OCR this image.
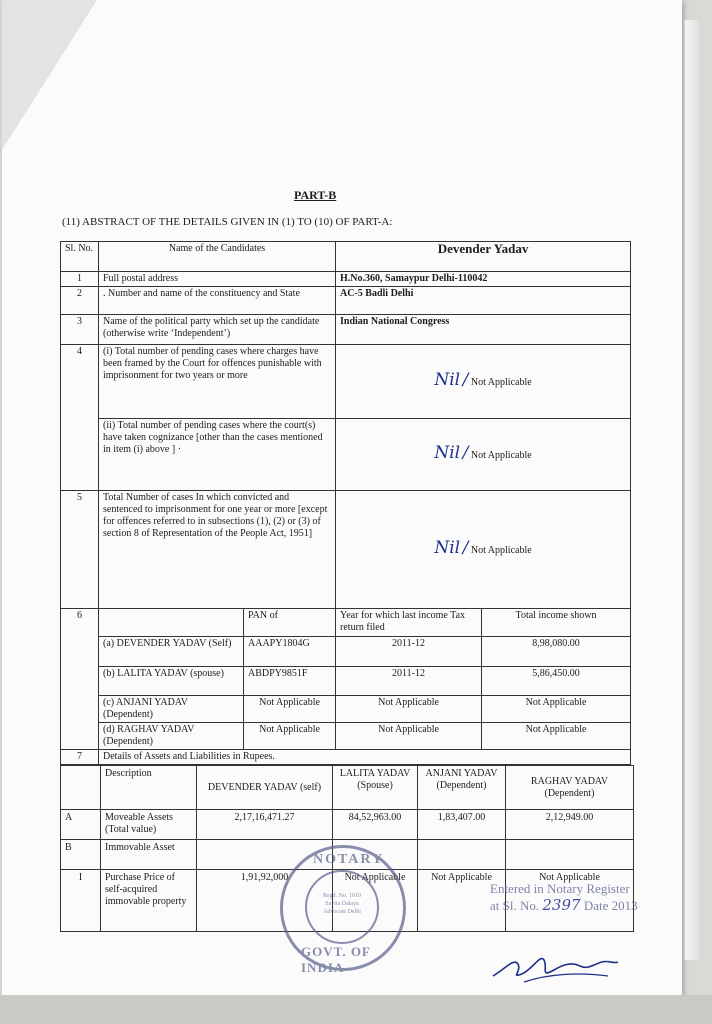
PART-B
(11) ABSTRACT OF THE DETAILS GIVEN IN (1) TO (10) OF PART-A:
Sl. No.	Name of the Candidates		Devender Yadav	
1	Full postal address		H.No.360, Samaypur Delhi-110042	
2	. Number and name of the constituency and State		AC-5 Badli Delhi	
3	Name of the political party which set up the candidate (otherwise write ‘Independent’)		Indian National Congress	
4	(i) Total number of pending cases where charges have been framed by the Court for offences punishable with imprisonment for two years or more		Nil / Not Applicable	
	(ii) Total number of pending cases where the court(s) have taken cognizance [other than the cases mentioned in item (i) above ] ·		Nil / Not Applicable	
5	Total Number of cases In which convicted and sentenced to imprisonment for one year or more [except for offences referred to in subsections (1), (2) or (3) of section 8 of Representation of the People Act, 1951]		Nil / Not Applicable	
6		PAN of	Year for which last income Tax return filed	Total income shown
	(a) DEVENDER YADAV (Self)	AAAPY1804G	2011-12	8,98,080.00
	(b) LALITA YADAV (spouse)	ABDPY9851F	2011-12	5,86,450.00
	(c) ANJANI YADAV (Dependent)	Not Applicable	Not Applicable	Not Applicable
	(d) RAGHAV YADAV (Dependent)	Not Applicable	Not Applicable	Not Applicable
7	Details of Assets and Liabilities in Rupees.			
	Description	DEVENDER YADAV (self)	LALITA YADAV (Spouse)	ANJANI YADAV (Dependent)	RAGHAV YADAV (Dependent)
A	Moveable Assets (Total value)	2,17,16,471.27	84,52,963.00	1,83,407.00	2,12,949.00
B	Immovable Asset				
I	Purchase Price of self-acquired immovable property	1,91,92,000	Not Applicable	Not Applicable	Not Applicable
NOTARY
Regd. No. 1010 Savita Dalaya Advocate Delhi
GOVT. OF INDIA
Entered in Notary Register
at Sl. No. 2397 Date 2013
